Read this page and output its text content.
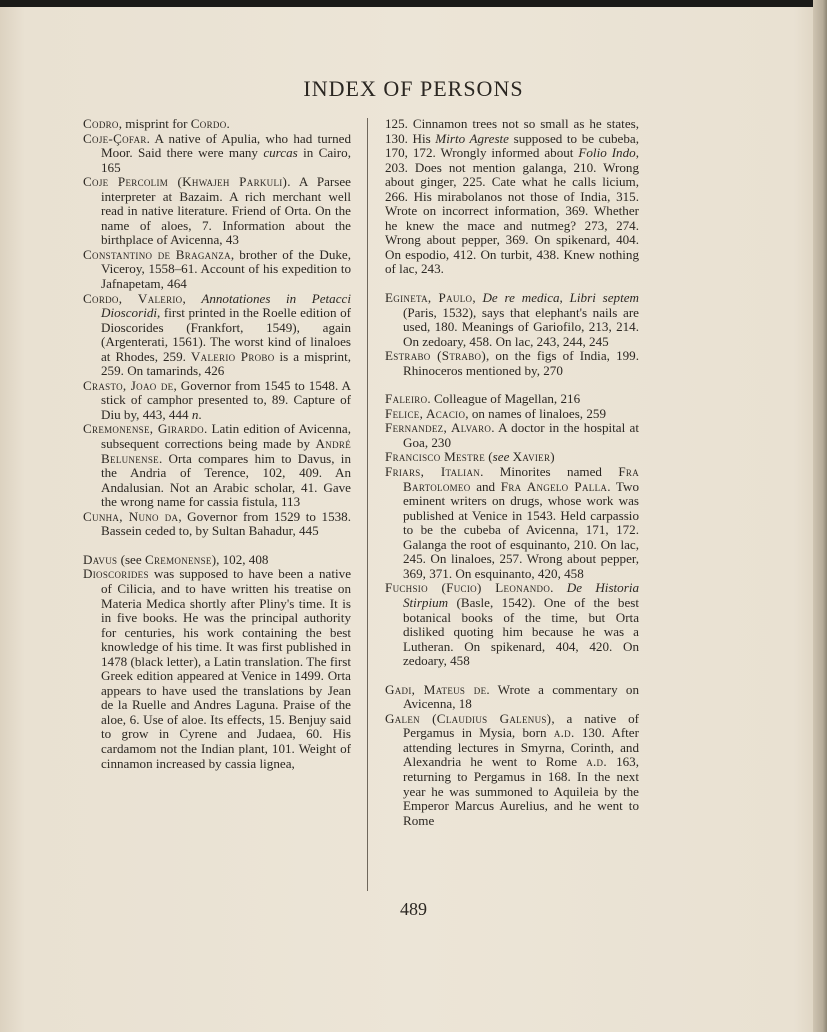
INDEX OF PERSONS

Codro, misprint for Cordo.

Coje-Çofar. A native of Apulia, who had turned Moor. Said there were many curcas in Cairo, 165

Coje Percolim (Khwajeh Parkuli). A Parsee interpreter at Bazaim. A rich merchant well read in native literature. Friend of Orta. On the name of aloes, 7. Information about the birthplace of Avicenna, 43

Constantino de Braganza, brother of the Duke, Viceroy, 1558–61. Account of his expedition to Jafnapetam, 464

Cordo, Valerio, Annotationes in Petacci Dioscoridi, first printed in the Roelle edition of Dioscorides (Frankfort, 1549), again (Argenterati, 1561). The worst kind of linaloes at Rhodes, 259. Valerio Probo is a misprint, 259. On tamarinds, 426

Crasto, Joao de, Governor from 1545 to 1548. A stick of camphor presented to, 89. Capture of Diu by, 443, 444 n.

Cremonense, Girardo. Latin edition of Avicenna, subsequent corrections being made by André Belunense. Orta compares him to Davus, in the Andria of Terence, 102, 409. An Andalusian. Not an Arabic scholar, 41. Gave the wrong name for cassia fistula, 113

Cunha, Nuno da, Governor from 1529 to 1538. Bassein ceded to, by Sultan Bahadur, 445

Davus (see Cremonense), 102, 408

Dioscorides was supposed to have been a native of Cilicia, and to have written his treatise on Materia Medica shortly after Pliny's time. It is in five books. He was the principal authority for centuries, his work containing the best knowledge of his time. It was first published in 1478 (black letter), a Latin translation. The first Greek edition appeared at Venice in 1499. Orta appears to have used the translations by Jean de la Ruelle and Andres Laguna. Praise of the aloe, 6. Use of aloe. Its effects, 15. Benjuy said to grow in Cyrene and Judaea, 60. His cardamom not the Indian plant, 101. Weight of cinnamon increased by cassia lignea,

125. Cinnamon trees not so small as he states, 130. His Mirto Agreste supposed to be cubeba, 170, 172. Wrongly informed about Folio Indo, 203. Does not mention galanga, 210. Wrong about ginger, 225. Cate what he calls licium, 266. His mirabolanos not those of India, 315. Wrote on incorrect information, 369. Whether he knew the mace and nutmeg? 273, 274. Wrong about pepper, 369. On spikenard, 404. On espodio, 412. On turbit, 438. Knew nothing of lac, 243.

Egineta, Paulo, De re medica, Libri septem (Paris, 1532), says that elephant's nails are used, 180. Meanings of Gariofilo, 213, 214. On zedoary, 458. On lac, 243, 244, 245

Estrabo (Strabo), on the figs of India, 199. Rhinoceros mentioned by, 270

Faleiro. Colleague of Magellan, 216

Felice, Acacio, on names of linaloes, 259

Fernandez, Alvaro. A doctor in the hospital at Goa, 230

Francisco Mestre (see Xavier)

Friars, Italian. Minorites named Fra Bartolomeo and Fra Angelo Palla. Two eminent writers on drugs, whose work was published at Venice in 1543. Held carpassio to be the cubeba of Avicenna, 171, 172. Galanga the root of esquinanto, 210. On lac, 245. On linaloes, 257. Wrong about pepper, 369, 371. On esquinanto, 420, 458

Fuchsio (Fucio) Leonando. De Historia Stirpium (Basle, 1542). One of the best botanical books of the time, but Orta disliked quoting him because he was a Lutheran. On spikenard, 404, 420. On zedoary, 458

Gadi, Mateus de. Wrote a commentary on Avicenna, 18

Galen (Claudius Galenus), a native of Pergamus in Mysia, born a.d. 130. After attending lectures in Smyrna, Corinth, and Alexandria he went to Rome a.d. 163, returning to Pergamus in 168. In the next year he was summoned to Aquileia by the Emperor Marcus Aurelius, and he went to Rome

489
